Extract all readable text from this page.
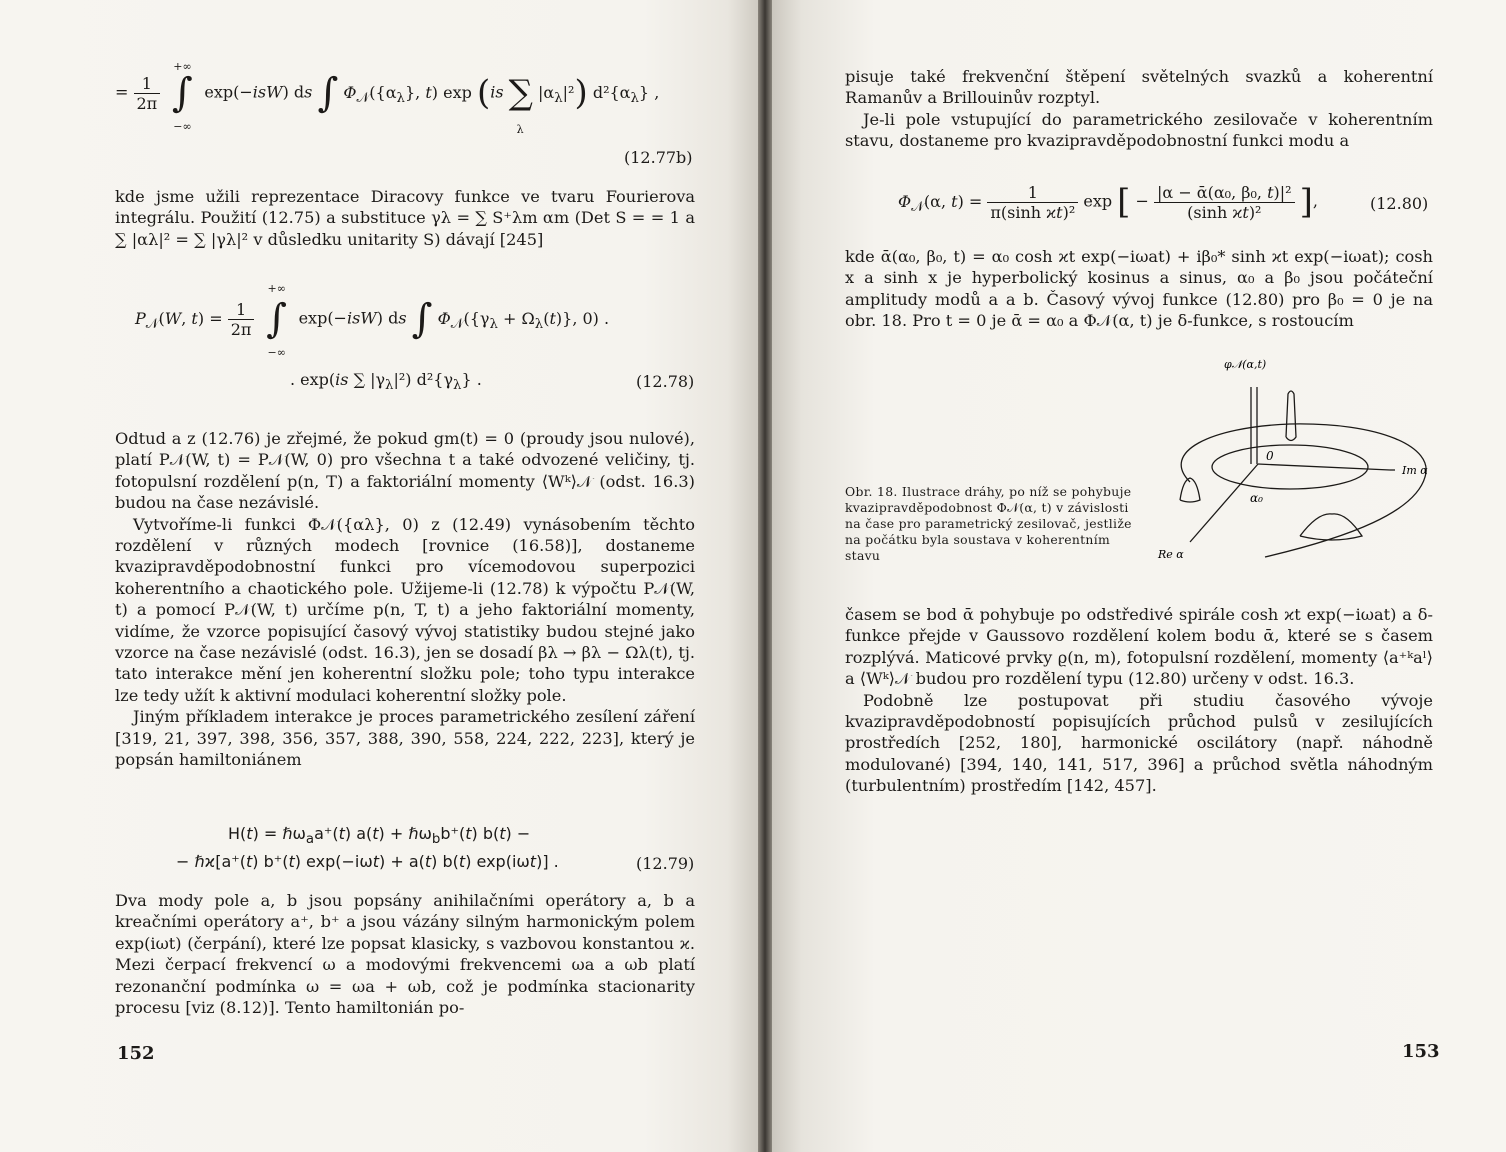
= $\frac{1}{2\pi}$

+∞
∫
−∞
exp(−isW) ds ∫ $\Phi_𝒩(\{\alpha_\lambda\}$, t) exp (is ∑
λ
$|\alpha_\lambda|^2$) $d^2\{\alpha_\lambda\}$ ,
(12.77b)

kde jsme užili reprezentace Diracovy funkce ve tvaru Fourierova integrálu. Použití (12.75) a substituce γλ = ∑ S⁺λm αm (Det S = = 1 a ∑ |αλ|² = ∑ |γλ|² v důsledku unitarity S) dávají [245]

$P_𝒩(W$, $t) = \frac{1}{2\pi}$

+∞
∫
−∞
exp(−isW) ds ∫ $\Phi_𝒩(\{\gamma_\lambda + \Omega_\lambda(t)\}$, 0) .
. exp(is ∑ $|\gamma_\lambda|^2$) $d^2\{\gamma_\lambda\}$ .	(12.78)

Odtud a z (12.76) je zřejmé, že pokud gm(t) = 0 (proudy jsou nulové), platí P𝒩(W, t) = P𝒩(W, 0) pro všechna t a také odvozené veličiny, tj. fotopulsní rozdělení p(n, T) a faktoriální momenty ⟨Wᵏ⟩𝒩 (odst. 16.3) budou na čase nezávislé.

Vytvoříme-li funkci Φ𝒩({αλ}, 0) z (12.49) vynásobením těchto rozdělení v různých modech [rovnice (16.58)], dostaneme kvazipravděpodobnostní funkci pro vícemodovou superpozici koherentního a chaotického pole. Užijeme-li (12.78) k výpočtu P𝒩(W, t) a pomocí P𝒩(W, t) určíme p(n, T, t) a jeho faktoriální momenty, vidíme, že vzorce popisující časový vývoj statistiky budou stejné jako vzorce na čase nezávislé (odst. 16.3), jen se dosadí βλ → βλ − Ωλ(t), tj. tato interakce mění jen koherentní složku pole; toho typu interakce lze tedy užít k aktivní modulaci koherentní složky pole.

Jiným příkladem interakce je proces parametrického zesílení záření [319, 21, 397, 398, 356, 357, 388, 390, 558, 224, 222, 223], který je popsán hamiltoniánem

H(t) = ℏω$_a$a⁺(t) a(t) + ℏω$_b$b⁺(t) b(t) −
− ℏϰ[a⁺(t) b⁺(t) exp(−iωt) + a(t) b(t) exp(iωt)] .	(12.79)

Dva mody pole a, b jsou popsány anihilačními operátory a, b a kreačními operátory a⁺, b⁺ a jsou vázány silným harmonickým polem exp(iωt) (čerpání), které lze popsat klasicky, s vazbovou konstantou ϰ. Mezi čerpací frekvencí ω a modovými frekvencemi ωa a ωb platí rezonanční podmínka ω = ωa + ωb, což je podmínka stacionarity procesu [viz (8.12)]. Tento hamiltonián po-

152

pisuje také frekvenční štěpení světelných svazků a koherentní Ramanův a Brillouinův rozptyl.

Je-li pole vstupující do parametrického zesilovače v koherentním stavu, dostaneme pro kvazipravděpodobnostní funkci modu a

$\Phi_𝒩(\alpha$, $t) = \frac{1}{\text{π(sinh ϰt)²}}$ exp [ − $\frac{\text{|α − ᾱ(α₀, β₀, t)|²}}{\text{(sinh ϰt)²}}$ ],	(12.80)

kde ᾱ(α₀, β₀, t) = α₀ cosh ϰt exp(−iωat) + iβ₀* sinh ϰt exp(−iωat); cosh x a sinh x je hyperbolický kosinus a sinus, α₀ a β₀ jsou počáteční amplitudy modů a a b. Časový vývoj funkce (12.80) pro β₀ = 0 je na obr. 18. Pro t = 0 je ᾱ = α₀ a Φ𝒩(α, t) je δ-funkce, s rostoucím

φ𝒩(α,t)
0
α₀
Im α
Re α
Obr. 18. Ilustrace dráhy, po níž se pohybuje kvazipravděpodobnost Φ𝒩(α, t) v závislosti na čase pro parametrický zesilovač, jestliže na počátku byla soustava v koherentním stavu

časem se bod ᾱ pohybuje po odstředivé spirále cosh ϰt exp(−iωat) a δ-funkce přejde v Gaussovo rozdělení kolem bodu ᾱ, které se s časem rozplývá. Maticové prvky ϱ(n, m), fotopulsní rozdělení, momenty ⟨a⁺ᵏaˡ⟩ a ⟨Wᵏ⟩𝒩 budou pro rozdělení typu (12.80) určeny v odst. 16.3.

Podobně lze postupovat při studiu časového vývoje kvazipravděpodobností popisujících průchod pulsů v zesilujících prostředích [252, 180], harmonické oscilátory (např. náhodně modulované) [394, 140, 141, 517, 396] a průchod světla náhodným (turbulentním) prostředím [142, 457].

153
